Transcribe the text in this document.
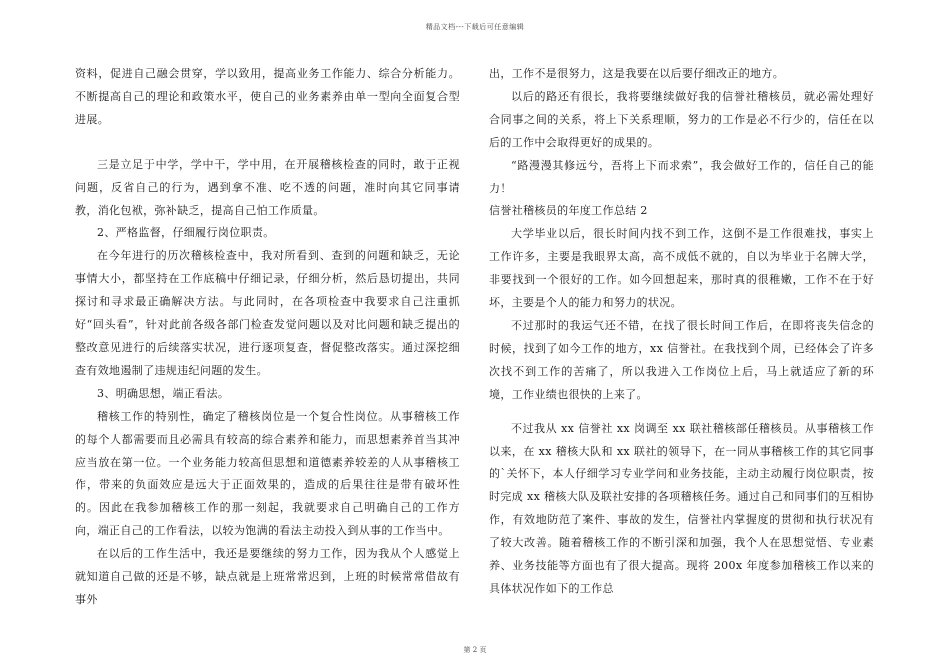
精品文档---下载后可任意编辑

资料，促进自己融会贯穿，学以致用，提高业务工作能力、综合分析能力。不断提高自己的理论和政策水平，使自己的业务素养由单一型向全面复合型进展。

三是立足于中学，学中干，学中用，在开展稽核检查的同时，敢于正视问题，反省自己的行为，遇到拿不准、吃不透的问题，准时向其它同事请教，消化包袱，弥补缺乏，提高自己怕工作质量。

2、严格监督，仔细履行岗位职责。

在今年进行的历次稽核检查中，我对所看到、查到的问题和缺乏，无论事情大小，都坚持在工作底稿中仔细记录，仔细分析，然后恳切提出，共同探讨和寻求最正确解决方法。与此同时，在各项检查中我要求自己注重抓好“回头看”，针对此前各级各部门检查发觉问题以及对比问题和缺乏提出的整改意见进行的后续落实状况，进行逐项复查，督促整改落实。通过深挖细查有效地遏制了违规违纪问题的发生。

3、明确思想，端正看法。

稽核工作的特别性，确定了稽核岗位是一个复合性岗位。从事稽核工作的每个人都需要而且必需具有较高的综合素养和能力，而思想素养首当其冲应当放在第一位。一个业务能力较高但思想和道德素养较差的人从事稽核工作，带来的负面效应是远大于正面效果的，造成的后果往往是带有破坏性的。因此在我参加稽核工作的那一刻起，我就要求自己明确自己的工作方向，端正自己的工作看法，以较为饱满的看法主动投入到从事的工作当中。

在以后的工作生活中，我还是要继续的努力工作，因为我从个人感觉上就知道自己做的还是不够，缺点就是上班常常迟到，上班的时候常常借故有事外

出，工作不是很努力，这是我要在以后要仔细改正的地方。

以后的路还有很长，我将要继续做好我的信誉社稽核员，就必需处理好合同事之间的关系，将上下关系理顺，努力的工作是必不行少的，信任在以后的工作中会取得更好的成果的。

“路漫漫其修远兮，吾将上下而求索”，我会做好工作的，信任自己的能力！

信誉社稽核员的年度工作总结 2

大学毕业以后，很长时间内找不到工作，这倒不是工作很难找，事实上工作许多，主要是我眼界太高，高不成低不就的，自以为毕业于名牌大学，非要找到一个很好的工作。如今回想起来，那时真的很稚嫩，工作不在于好坏，主要是个人的能力和努力的状况。

不过那时的我运气还不错，在找了很长时间工作后，在即将丧失信念的时候，找到了如今工作的地方，xx 信誉社。在我找到个周，已经体会了许多次找不到工作的苦痛了，所以我进入工作岗位上后，马上就适应了新的环境，工作业绩也很快的上来了。

不过我从 xx 信誉社 xx 岗调至 xx 联社稽核部任稽核员。从事稽核工作以来，在 xx 稽核大队和 xx 联社的领导下，在一同从事稽核工作的其它同事的`关怀下，本人仔细学习专业学问和业务技能，主动主动履行岗位职责，按时完成 xx 稽核大队及联社安排的各项稽核任务。通过自己和同事们的互相协作，有效地防范了案件、事故的发生，信誉社内掌握度的贯彻和执行状况有了较大改善。随着稽核工作的不断引深和加强，我个人在思想觉悟、专业素养、业务技能等方面也有了很大提高。现将 200x 年度参加稽核工作以来的具体状况作如下的工作总

第 2 页
